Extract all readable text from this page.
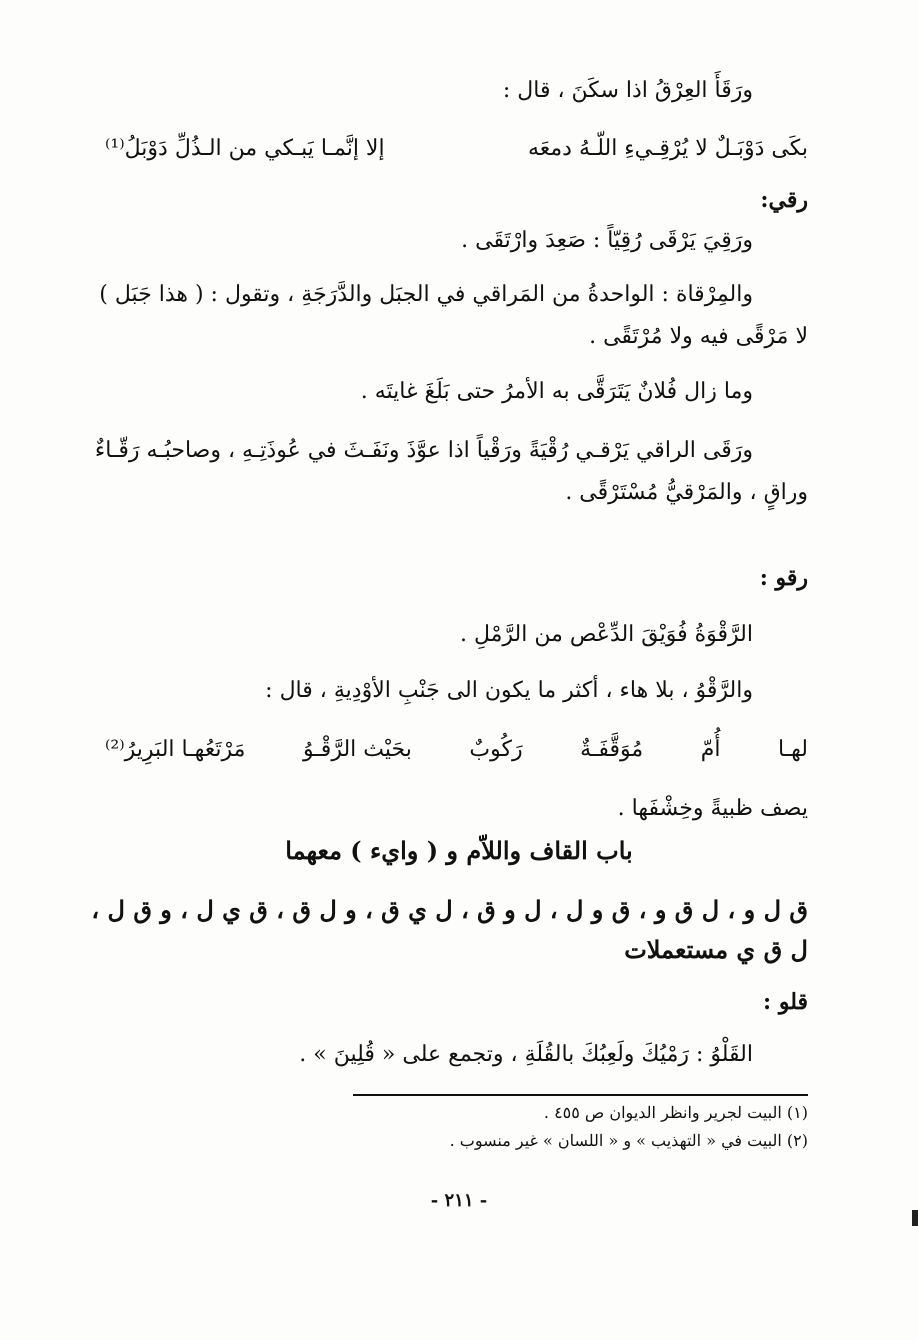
ورَقَأَ العِرْقُ اذا سكَنَ ، قال :
بكَى دَوْبَـلٌ لا يُرْقِـيءِ اللّـهُ دمعَه
إلا إنَّمـا يَبـكي من الـذُلِّ دَوْبَلُ⁽¹⁾
رقي:
ورَقِيَ يَرْقَى رُقِيّاً : صَعِدَ وارْتَقَى .
والمِرْقاة : الواحدةُ من المَراقي في الجبَل والدَّرَجَةِ ، وتقول : ( هذا جَبَل )
لا مَرْقًى فيه ولا مُرْتَقًى .
وما زال فُلانٌ يَتَرَقَّى به الأمرُ حتى بَلَغَ غايتَه .
ورَقَى الراقي يَرْقـي رُقْيَةً ورَقْياً اذا عوَّذَ ونَفَـثَ في عُوذَتِـهِ ، وصاحبُـه رَقّـاءٌ
وراقٍ ، والمَرْقيُّ مُسْتَرْقًى .
رقو :
الرَّقْوَةُ فُوَيْقَ الدِّعْص من الرَّمْلِ .
والرَّقْوُ ، بلا هاء ، أكثر ما يكون الى جَنْبِ الأوْدِيةِ ، قال :
لهـا
أُمّ
مُوَقَّفَـةٌ
رَكُوبٌ
بحَيْث الرَّقْـوُ
مَرْتَعُهـا البَرِيرُ⁽²⁾
يصف ظبيةً وخِشْفَها .
باب القاف واللاّم و ( وايء ) معهما
ق ل و ، ل ق و ، ق و ل ، ل و ق ، ل ي ق ، و ل ق ، ق ي ل ، و ق ل ،
ل ق ي مستعملات
قلو :
القَلْوُ : رَمْيُكَ ولَعِبُكَ بالقُلَةِ ، وتجمع على « قُلِينَ » .
(١) البيت لجرير وانظر الديوان ص ٤٥٥ .
(٢) البيت في « التهذيب » و « اللسان » غير منسوب .
- ٢١١ -
